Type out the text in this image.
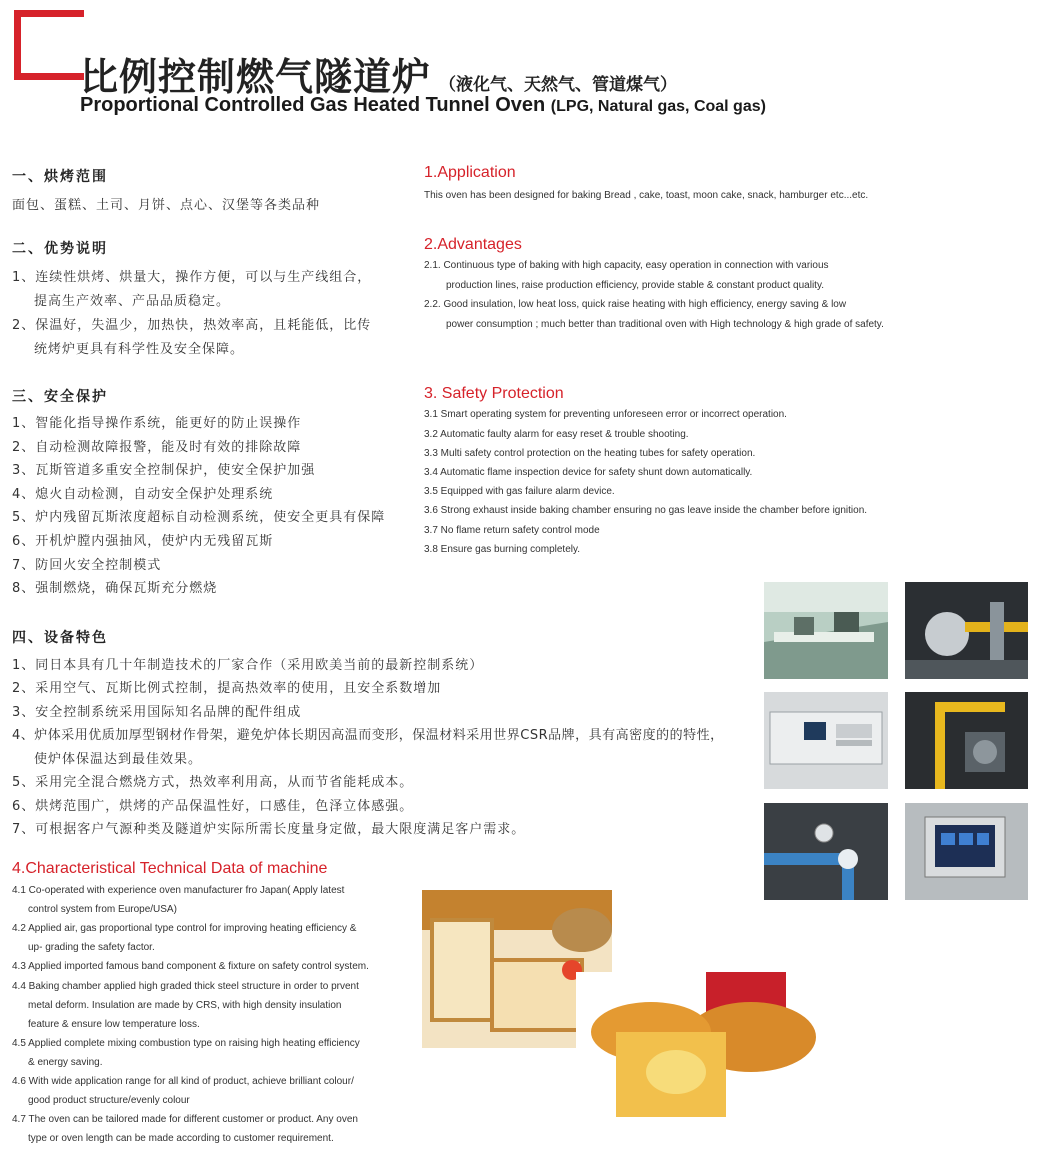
比例控制燃气隧道炉 （液化气、天然气、管道煤气）
Proportional Controlled Gas Heated Tunnel Oven (LPG, Natural gas, Coal gas)
一、烘烤范围
面包、蛋糕、土司、月饼、点心、汉堡等各类品种
二、优势说明
1、连续性烘烤、烘量大，操作方便，可以与生产线组合，
提高生产效率、产品品质稳定。
2、保温好，失温少，加热快，热效率高，且耗能低，比传
统烤炉更具有科学性及安全保障。
三、安全保护
1、智能化指导操作系统，能更好的防止误操作
2、自动检测故障报警，能及时有效的排除故障
3、瓦斯管道多重安全控制保护，使安全保护加强
4、熄火自动检测，自动安全保护处理系统
5、炉内残留瓦斯浓度超标自动检测系统，使安全更具有保障
6、开机炉膛内强抽风，使炉内无残留瓦斯
7、防回火安全控制模式
8、强制燃烧，确保瓦斯充分燃烧
四、设备特色
1、同日本具有几十年制造技术的厂家合作（采用欧美当前的最新控制系统）
2、采用空气、瓦斯比例式控制，提高热效率的使用，且安全系数增加
3、安全控制系统采用国际知名品牌的配件组成
4、炉体采用优质加厚型钢材作骨架，避免炉体长期因高温而变形，保温材料采用世界CSR品牌，具有高密度的的特性，
使炉体保温达到最佳效果。
5、采用完全混合燃烧方式，热效率利用高，从而节省能耗成本。
6、烘烤范围广，烘烤的产品保温性好，口感佳，色泽立体感强。
7、可根据客户气源种类及隧道炉实际所需长度量身定做，最大限度满足客户需求。
1.Application
This oven has been designed for baking Bread , cake, toast, moon cake, snack, hamburger etc...etc.
2.Advantages
2.1. Continuous type of baking with high capacity, easy operation in connection with various
production lines, raise production efficiency, provide stable & constant product quality.
2.2. Good insulation, low heat loss, quick raise heating with high efficiency, energy saving & low
power consumption ; much better than traditional oven with High technology & high grade of safety.
3. Safety Protection
3.1 Smart operating system for preventing unforeseen error or incorrect operation.
3.2 Automatic faulty alarm for easy reset & trouble shooting.
3.3 Multi safety control protection on the heating tubes for safety operation.
3.4 Automatic flame inspection device for safety shunt down automatically.
3.5 Equipped with gas failure alarm device.
3.6 Strong exhaust inside baking chamber ensuring no gas leave inside the chamber before ignition.
3.7 No flame return safety control mode
3.8 Ensure gas burning completely.
4.Characteristical Technical Data of machine
4.1 Co-operated with experience oven manufacturer fro Japan( Apply latest
control system from Europe/USA)
4.2 Applied air, gas proportional type control for improving heating efficiency &
up- grading the safety factor.
4.3 Applied imported famous band component & fixture on safety control system.
4.4 Baking chamber applied high graded thick steel structure in order to prvent
metal deform. Insulation are made by CRS, with high density insulation
feature & ensure low temperature loss.
4.5 Applied complete mixing combustion type on raising high heating efficiency
& energy saving.
4.6 With wide application range for all kind of product, achieve brilliant colour/
good product structure/evenly colour
4.7 The oven can be tailored made for different customer or product. Any oven
type or oven length can be made according to customer requirement.
